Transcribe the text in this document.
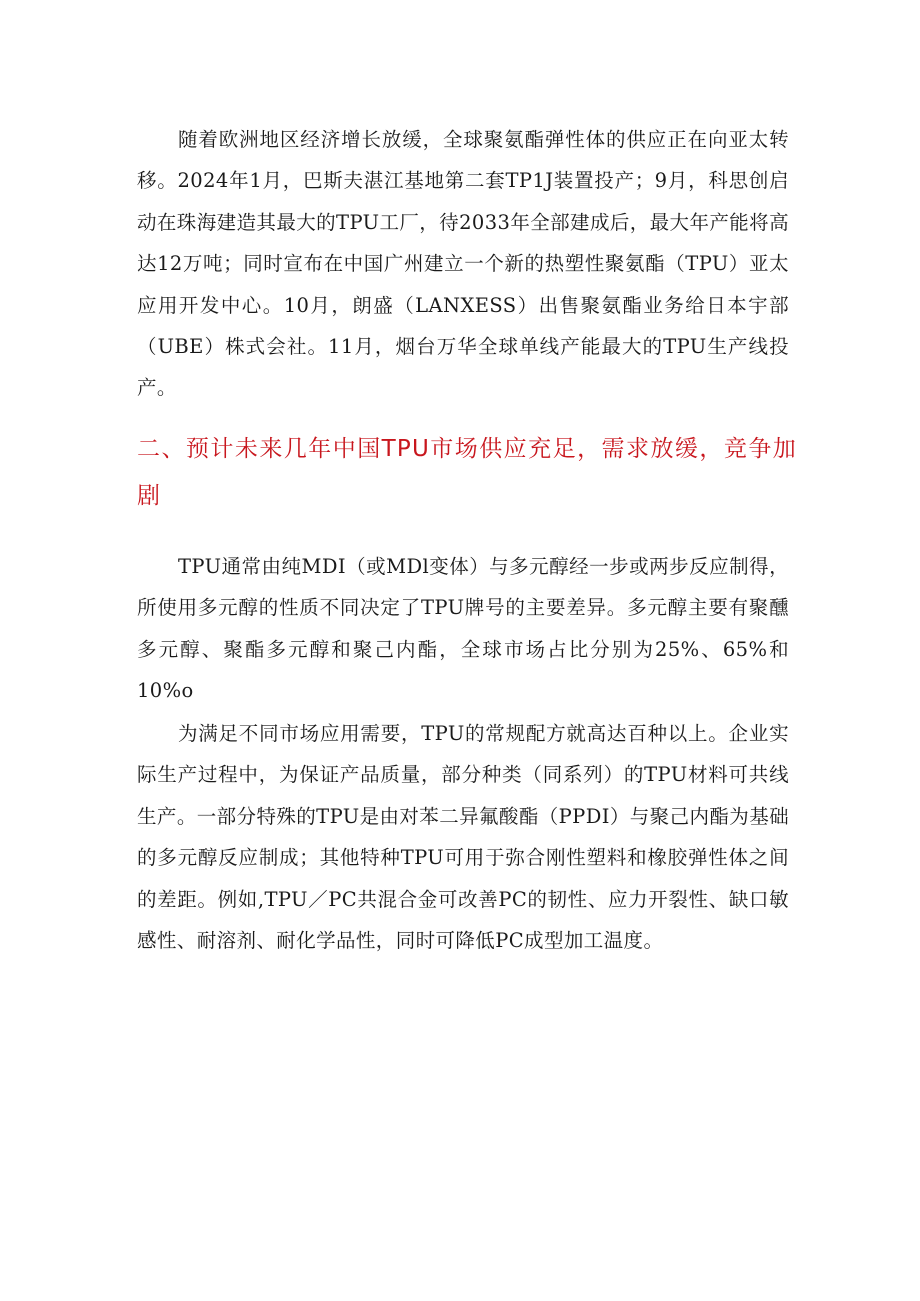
随着欧洲地区经济增长放缓，全球聚氨酯弹性体的供应正在向亚太转移。2024年1月，巴斯夫湛江基地第二套TP1J装置投产；9月，科思创启动在珠海建造其最大的TPU工厂，待2033年全部建成后，最大年产能将高达12万吨；同时宣布在中国广州建立一个新的热塑性聚氨酯（TPU）亚太应用开发中心。10月，朗盛（LANXESS）出售聚氨酯业务给日本宇部（UBE）株式会社。11月，烟台万华全球单线产能最大的TPU生产线投产。

二、预计未来几年中国TPU市场供应充足，需求放缓，竞争加剧

TPU通常由纯MDI（或MDl变体）与多元醇经一步或两步反应制得，所使用多元醇的性质不同决定了TPU牌号的主要差异。多元醇主要有聚醺多元醇、聚酯多元醇和聚己内酯，全球市场占比分别为25%、65%和10%o

为满足不同市场应用需要，TPU的常规配方就高达百种以上。企业实际生产过程中，为保证产品质量，部分种类（同系列）的TPU材料可共线生产。一部分特殊的TPU是由对苯二异氟酸酯（PPDI）与聚己内酯为基础的多元醇反应制成；其他特种TPU可用于弥合刚性塑料和橡胶弹性体之间的差距。例如,TPU／PC共混合金可改善PC的韧性、应力开裂性、缺口敏感性、耐溶剂、耐化学品性，同时可降低PC成型加工温度。
